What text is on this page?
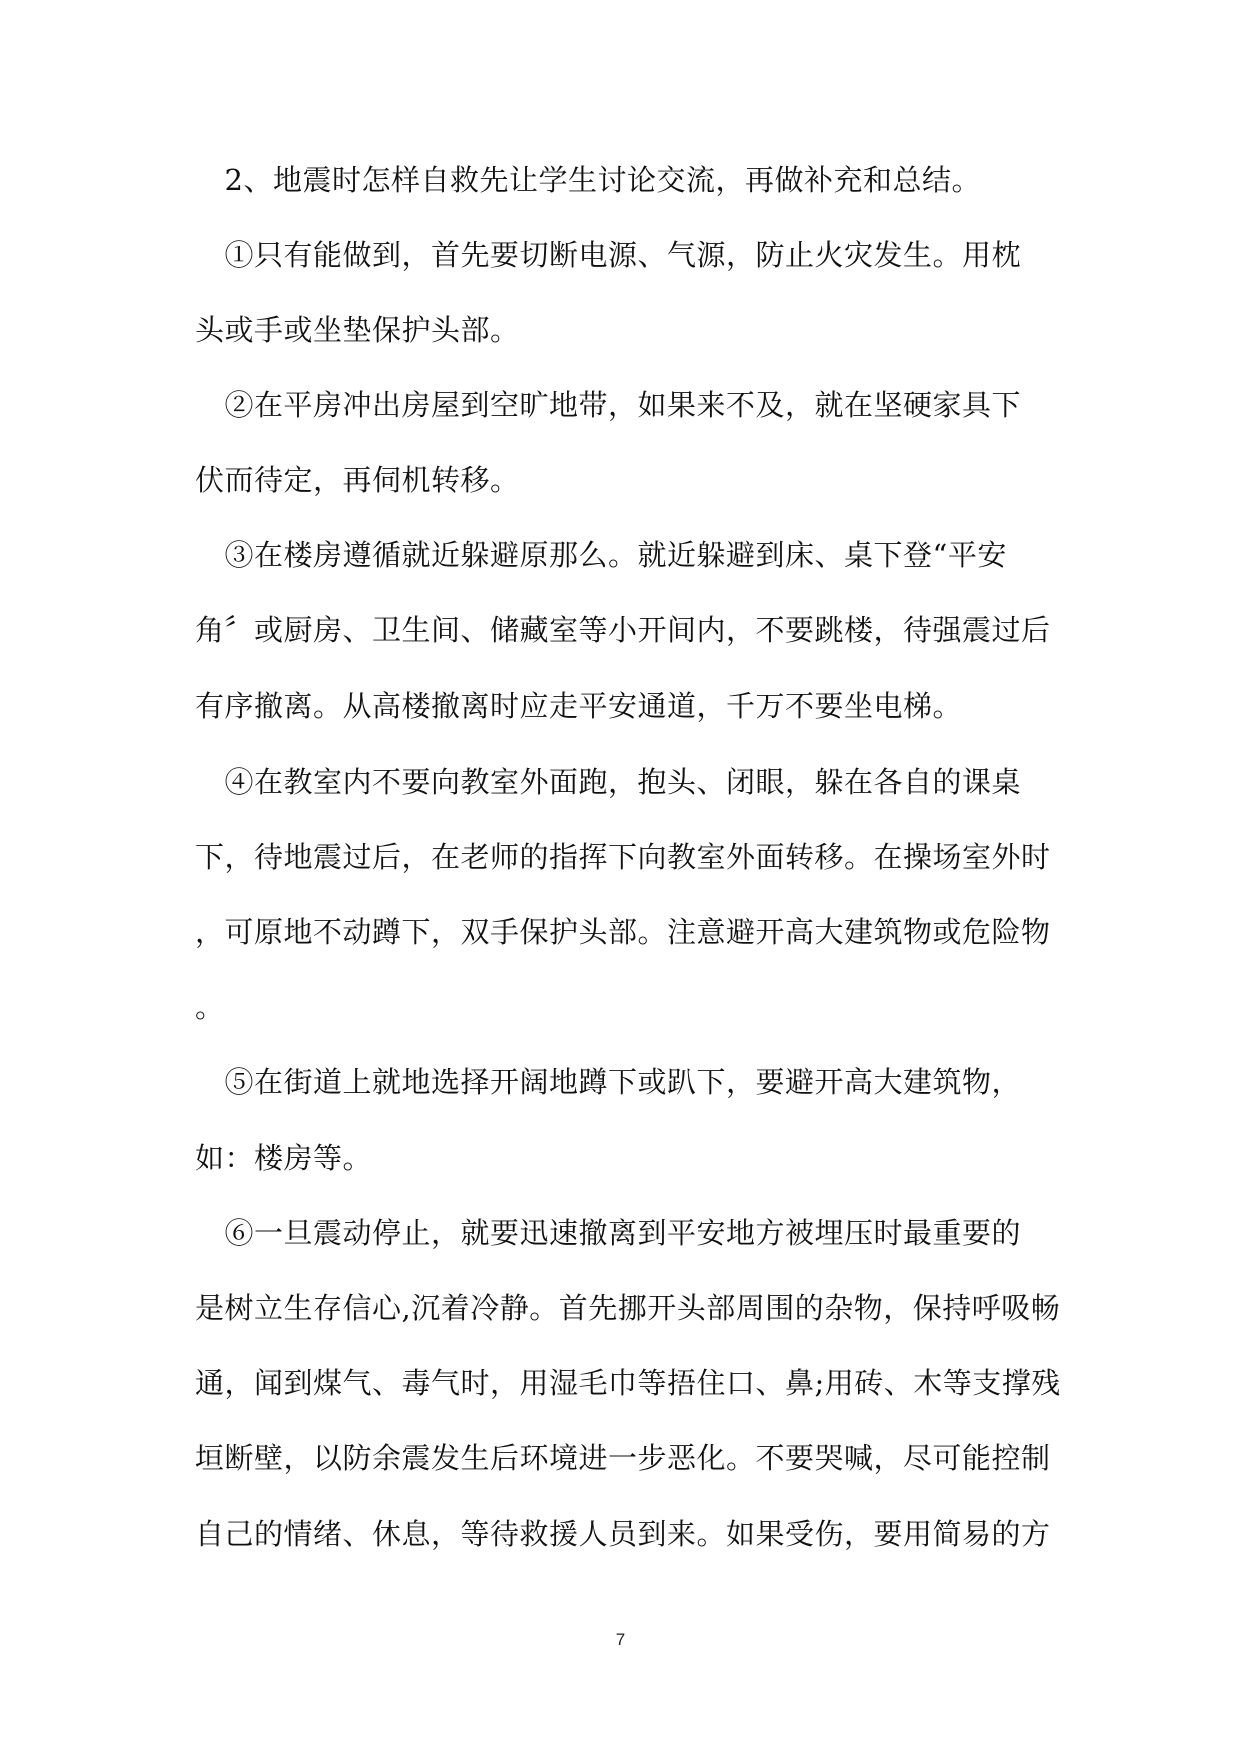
　2、地震时怎样自救先让学生讨论交流，再做补充和总结。
　①只有能做到，首先要切断电源、气源，防止火灾发生。用枕
头或手或坐垫保护头部。
　②在平房冲出房屋到空旷地带，如果来不及，就在坚硬家具下
伏而待定，再伺机转移。
　③在楼房遵循就近躲避原那么。就近躲避到床、桌下登“平安
角〞或厨房、卫生间、储藏室等小开间内，不要跳楼，待强震过后
有序撤离。从高楼撤离时应走平安通道，千万不要坐电梯。
　④在教室内不要向教室外面跑，抱头、闭眼，躲在各自的课桌
下，待地震过后，在老师的指挥下向教室外面转移。在操场室外时
，可原地不动蹲下，双手保护头部。注意避开高大建筑物或危险物
。
　⑤在街道上就地选择开阔地蹲下或趴下，要避开高大建筑物，
如：楼房等。
　⑥一旦震动停止，就要迅速撤离到平安地方被埋压时最重要的
是树立生存信心,沉着冷静。首先挪开头部周围的杂物，保持呼吸畅
通，闻到煤气、毒气时，用湿毛巾等捂住口、鼻;用砖、木等支撑残
垣断壁，以防余震发生后环境进一步恶化。不要哭喊，尽可能控制
自己的情绪、休息，等待救援人员到来。如果受伤，要用简易的方
7
